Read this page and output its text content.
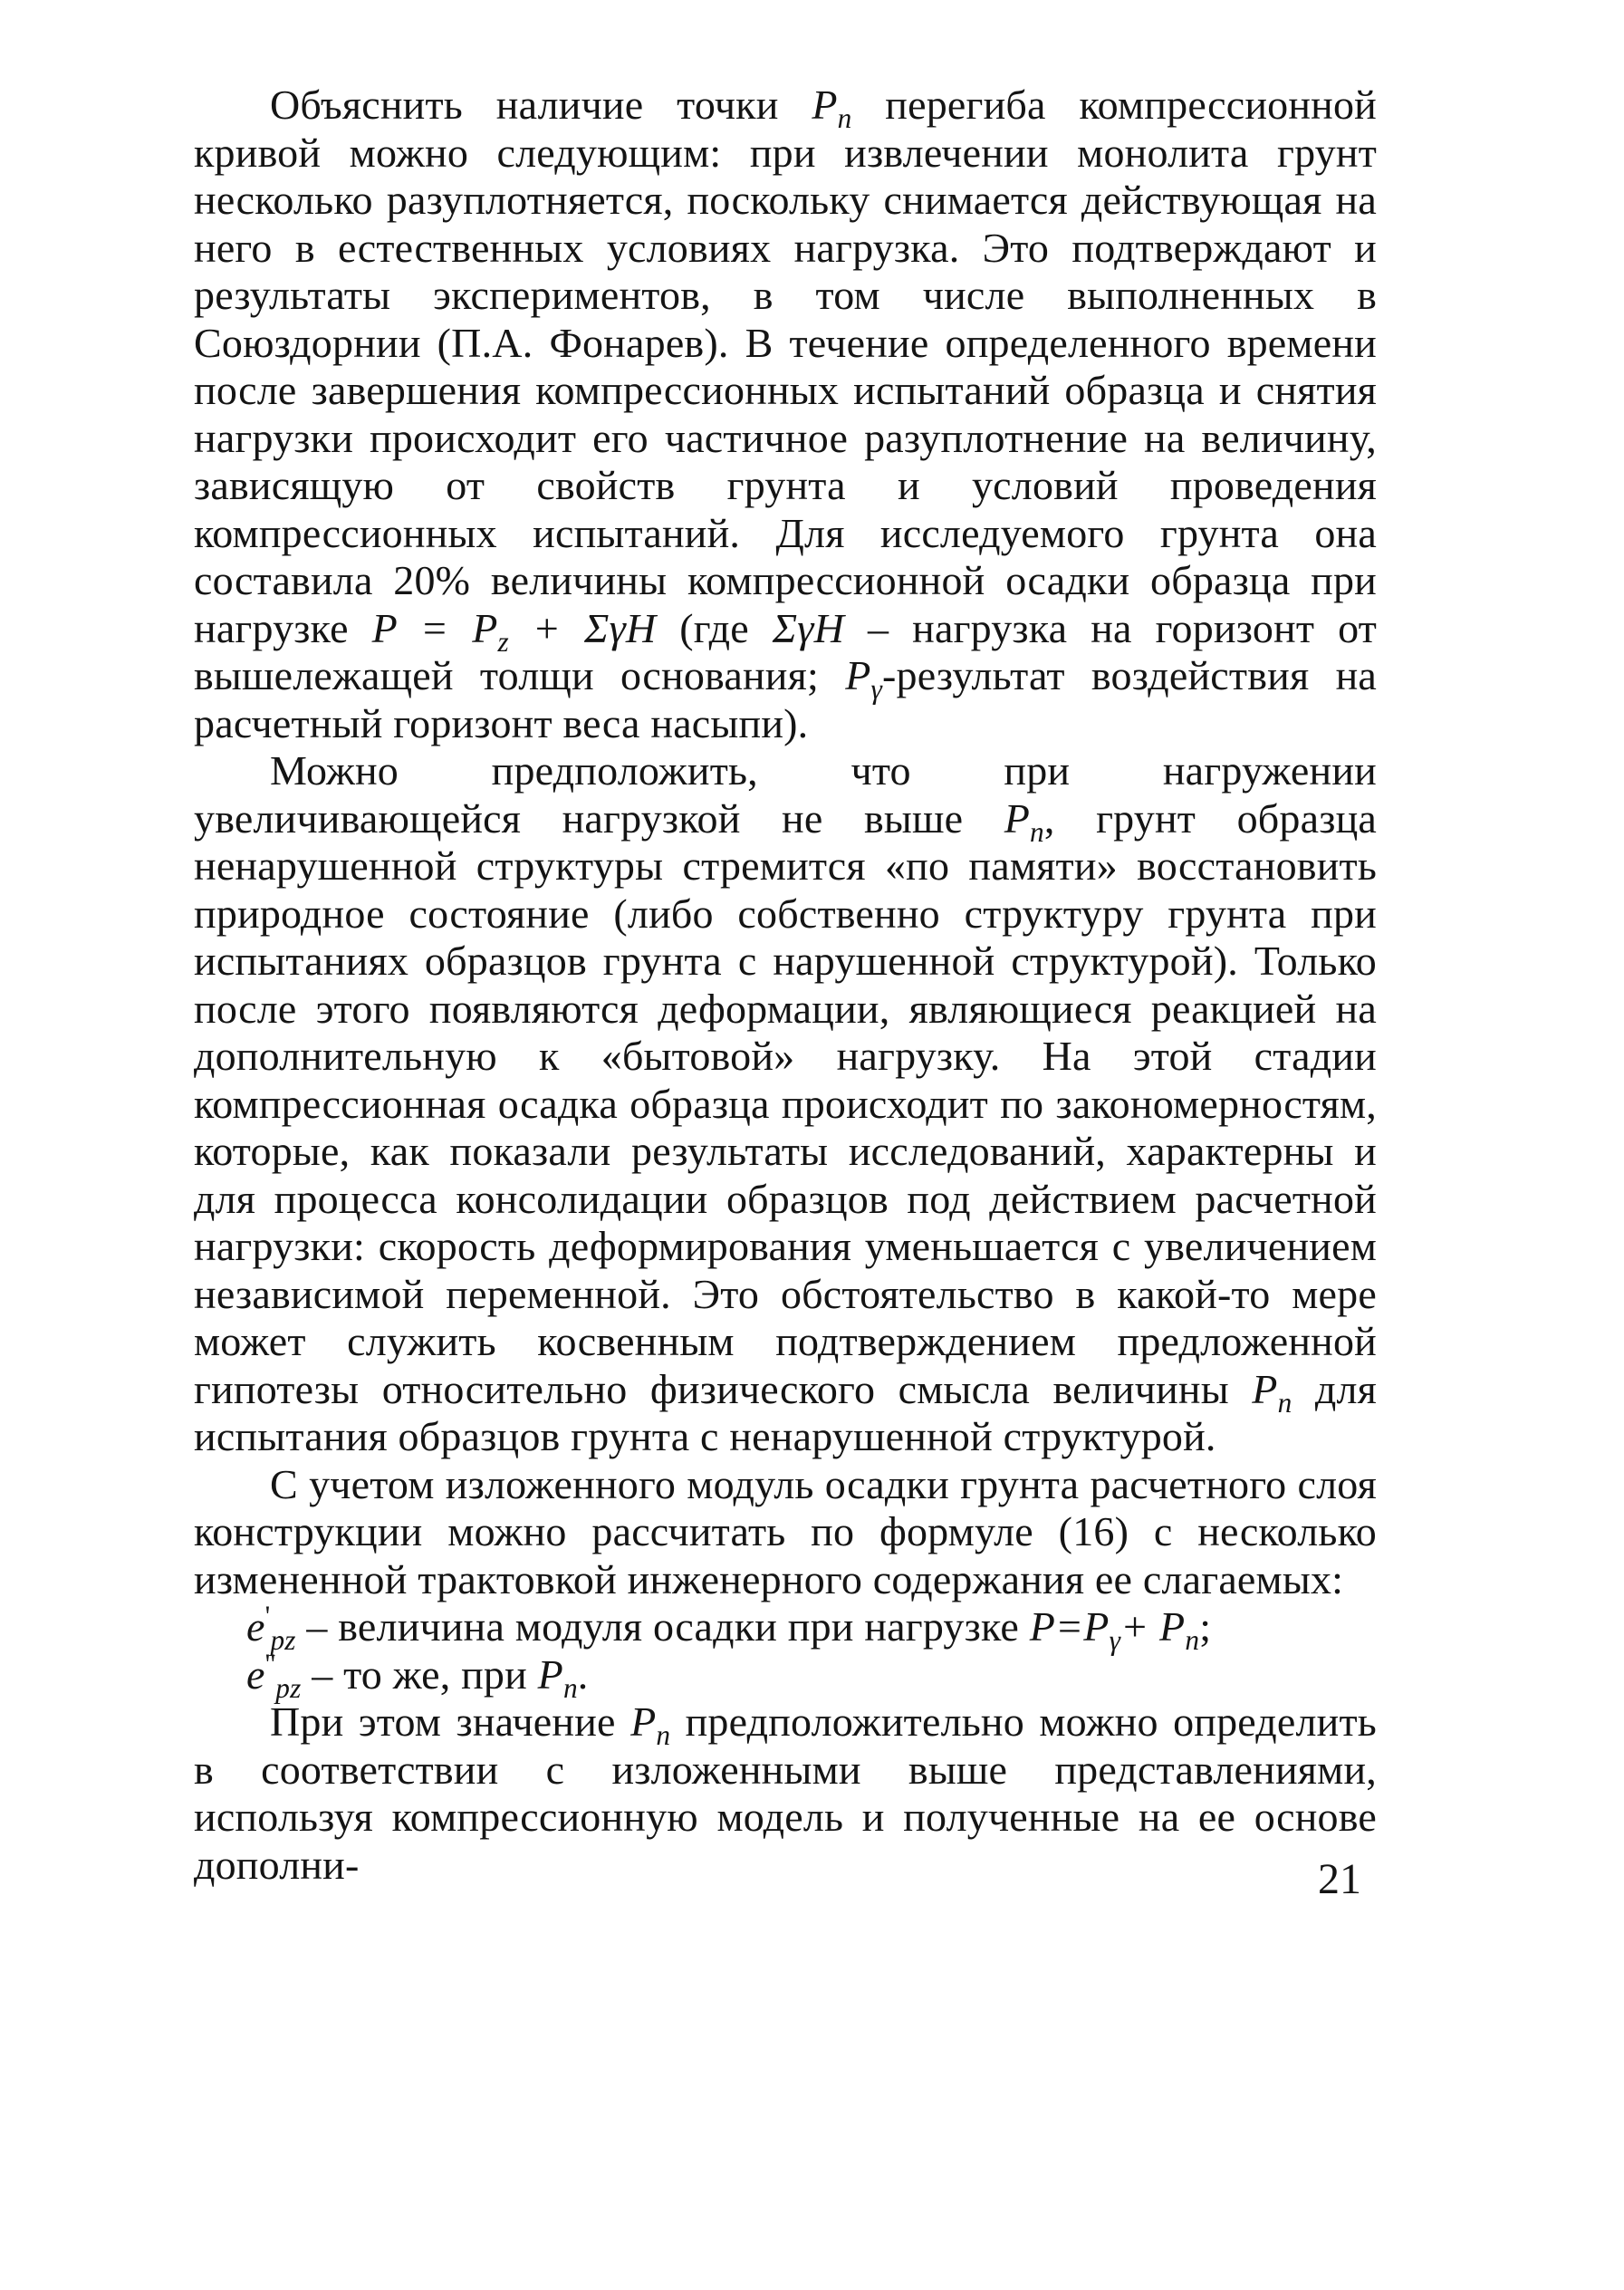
Объяснить наличие точки $P_n$ перегиба компрессионной кривой можно следующим: при извлечении монолита грунт несколько разуплотняется, поскольку снимается действующая на него в естественных условиях нагрузка. Это подтверждают и результаты экспериментов, в том числе выполненных в Союздорнии (П.А. Фонарев). В течение определенного времени после завершения компрессионных испытаний образца и снятия нагрузки происходит его частичное разуплотнение на величину, зависящую от свойств грунта и условий проведения компрессионных испытаний. Для исследуемого грунта она составила 20% величины компрессионной осадки образца при нагрузке $P = P_z + \Sigma\gamma H$ (где ΣγH – нагрузка на горизонт от вышележащей толщи основания; $P_\gamma$-результат воздействия на расчетный горизонт веса насыпи).

Можно предположить, что при нагружении увеличивающейся нагрузкой не выше $P_n$, грунт образца ненарушенной структуры стремится «по памяти» восстановить природное состояние (либо собственно структуру грунта при испытаниях образцов грунта с нарушенной структурой). Только после этого появляются деформации, являющиеся реакцией на дополнительную к «бытовой» нагрузку. На этой стадии компрессионная осадка образца происходит по закономерностям, которые, как показали результаты исследований, характерны и для процесса консолидации образцов под действием расчетной нагрузки: скорость деформирования уменьшается с увеличением независимой переменной. Это обстоятельство в какой-то мере может служить косвенным подтверждением предложенной гипотезы относительно физического смысла величины $P_n$ для испытания образцов грунта с ненарушенной структурой.

С учетом изложенного модуль осадки грунта расчетного слоя конструкции можно рассчитать по формуле (16) с несколько измененной трактовкой инженерного содержания ее слагаемых:

$e'_{pz}$ – величина модуля осадки при нагрузке $P=P_\gamma+ P_n$;

$e''_{pz}$ – то же, при $P_n$.

При этом значение $P_n$ предположительно можно определить в соответствии с изложенными выше представлениями, используя компрессионную модель и полученные на ее основе дополни-	21
